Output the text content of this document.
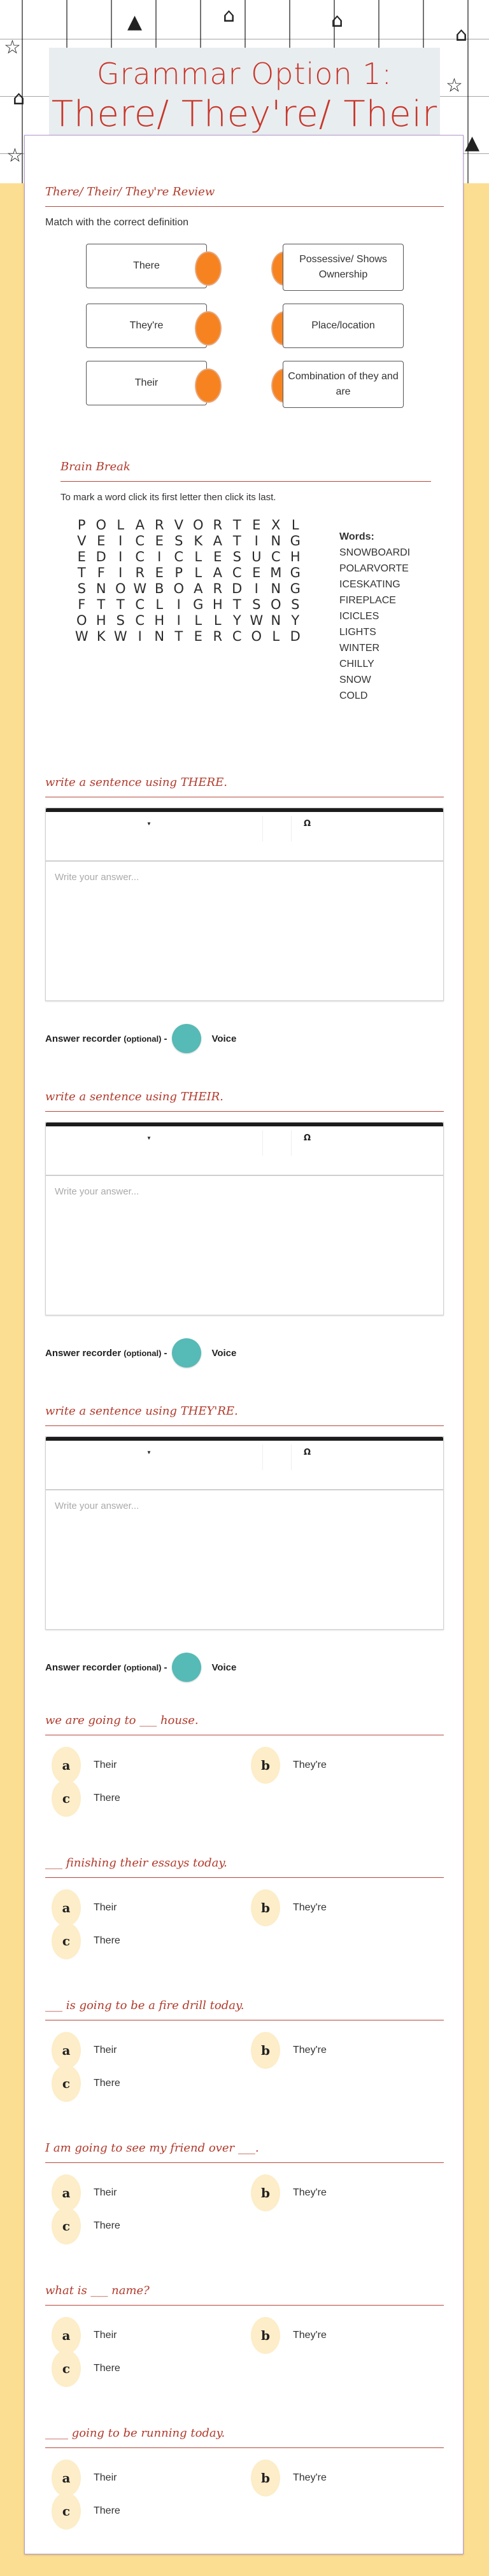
☆
⌂
☆
☆
⌂
▲
⌂
▲	⌂
Grammar Option 1:
There/ They're/ Their
There/ Their/ They're Review
Match with the correct definition
There
Possessive/ Shows Ownership
They're	Place/location
Their
Combination of they and are
Brain Break
To mark a word click its first letter then click its last.
P O L A R V O R T E X L
V E I C E S K A T I N G
E D I C I C L E S U C H
T F	I R E P L A C E M G
S N O W B O A R D I N G
F T T C L	I G H T S O S
O H S C H I	L L Y W N Y
W K W I N T E R C O L D
Words:
SNOWBOARDI
POLARVORTE
ICESKATING
FIREPLACE
ICICLES
LIGHTS
WINTER
CHILLY
SNOW
COLD
write a sentence using THERE.
▼	Ω
Write your answer...
Answer recorder (optional) -	Voice
write a sentence using THEIR.
▼	Ω
Write your answer...
Answer recorder (optional) -	Voice
write a sentence using THEY'RE.
▼	Ω
Write your answer...
Answer recorder (optional) -	Voice
we are going to ___ house.
a	Their	b	They're
c	There
___ finishing their essays today.
a	Their	b	They're
c	There
___ is going to be a fire drill today.
a	Their	b	They're
c	There
I am going to see my friend over ___.
a	Their	b	They're
c	There
what is ___ name?
a	Their	b	They're
c	There
____ going to be running today.
a	Their	b	They're
c	There
